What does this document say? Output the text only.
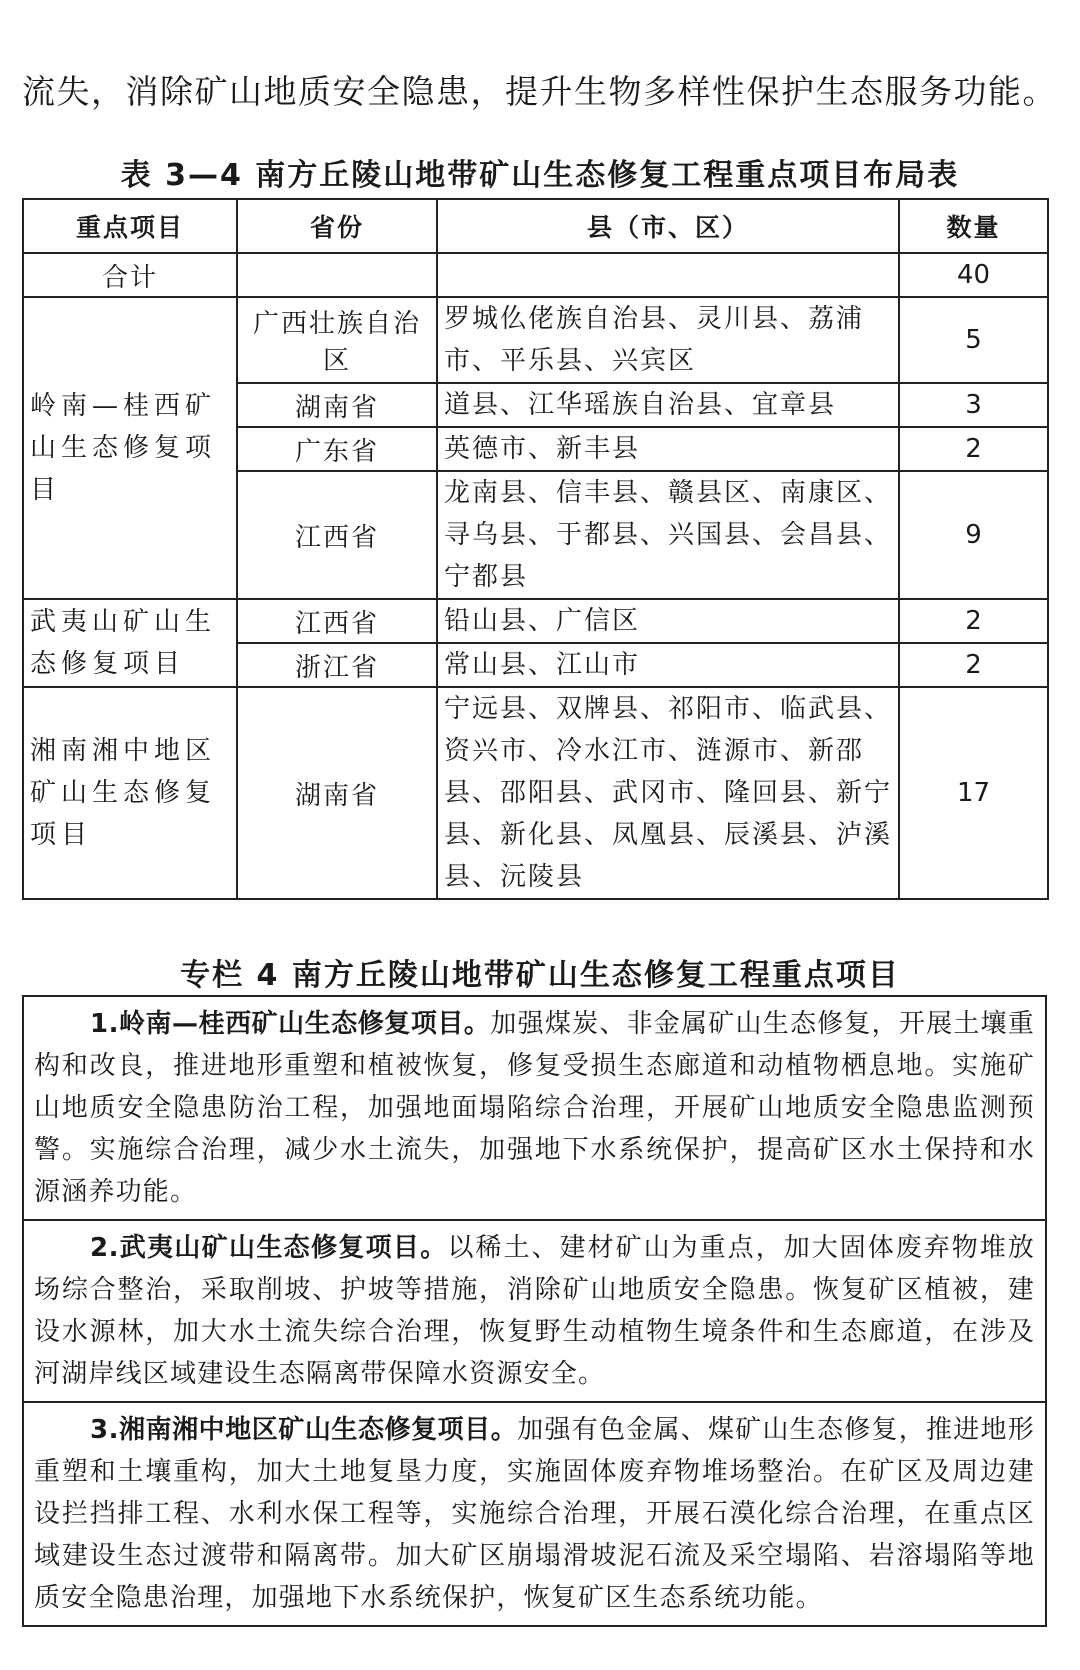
流失，消除矿山地质安全隐患，提升生物多样性保护生态服务功能。
表 3—4 南方丘陵山地带矿山生态修复工程重点项目布局表
重点项目	省份	县（市、区）	数量
合计			40
岭南—桂西矿山生态修复项目	广西壮族自治区	罗城仫佬族自治县、灵川县、荔浦市、平乐县、兴宾区	5
	湖南省	道县、江华瑶族自治县、宜章县	3
	广东省	英德市、新丰县	2
	江西省	龙南县、信丰县、赣县区、南康区、寻乌县、于都县、兴国县、会昌县、宁都县	9
武夷山矿山生态修复项目	江西省	铅山县、广信区	2
	浙江省	常山县、江山市	2
湘南湘中地区矿山生态修复项目	湖南省	宁远县、双牌县、祁阳市、临武县、资兴市、冷水江市、涟源市、新邵县、邵阳县、武冈市、隆回县、新宁县、新化县、凤凰县、辰溪县、泸溪县、沅陵县	17
专栏 4 南方丘陵山地带矿山生态修复工程重点项目
1.岭南—桂西矿山生态修复项目。加强煤炭、非金属矿山生态修复，开展土壤重构和改良，推进地形重塑和植被恢复，修复受损生态廊道和动植物栖息地。实施矿山地质安全隐患防治工程，加强地面塌陷综合治理，开展矿山地质安全隐患监测预警。实施综合治理，减少水土流失，加强地下水系统保护，提高矿区水土保持和水源涵养功能。
2.武夷山矿山生态修复项目。以稀土、建材矿山为重点，加大固体废弃物堆放场综合整治，采取削坡、护坡等措施，消除矿山地质安全隐患。恢复矿区植被，建设水源林，加大水土流失综合治理，恢复野生动植物生境条件和生态廊道，在涉及河湖岸线区域建设生态隔离带保障水资源安全。
3.湘南湘中地区矿山生态修复项目。加强有色金属、煤矿山生态修复，推进地形重塑和土壤重构，加大土地复垦力度，实施固体废弃物堆场整治。在矿区及周边建设拦挡排工程、水利水保工程等，实施综合治理，开展石漠化综合治理，在重点区域建设生态过渡带和隔离带。加大矿区崩塌滑坡泥石流及采空塌陷、岩溶塌陷等地质安全隐患治理，加强地下水系统保护，恢复矿区生态系统功能。
